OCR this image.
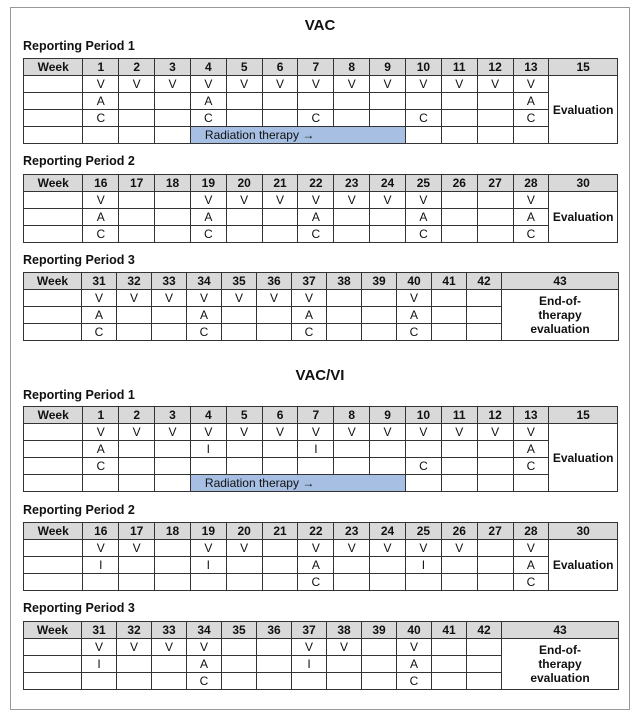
VAC
Reporting Period 1
Week	1	2	3	4	5	6	7	8	9	10	11	12	13	15
	V	V	V	V	V	V	V	V	V	V	V	V	V	Evaluation
	A			A									A	
	C			C			C			C			C	
				Radiation therapy →										
Reporting Period 2
Week	16	17	18	19	20	21	22	23	24	25	26	27	28	30
	V			V	V	V	V	V	V	V			V	Evaluation
	A			A			A			A			A	
	C			C			C			C			C	
Reporting Period 3
Week	31	32	33	34	35	36	37	38	39	40	41	42	43
	V	V	V	V	V	V	V			V			End-of-therapy evaluation
	A			A			A			A			
	C			C			C			C			
VAC/VI
Reporting Period 1
Week	1	2	3	4	5	6	7	8	9	10	11	12	13	15
	V	V	V	V	V	V	V	V	V	V	V	V	V	Evaluation
	A			I			I						A	
	C									C			C	
				Radiation therapy →										
Reporting Period 2
Week	16	17	18	19	20	21	22	23	24	25	26	27	28	30
	V	V		V	V		V	V	V	V	V		V	Evaluation
	I			I			A			I			A	
							C						C	
Reporting Period 3
Week	31	32	33	34	35	36	37	38	39	40	41	42	43
	V	V	V	V			V	V		V			End-of-therapy evaluation
	I			A			I			A			
				C						C			
